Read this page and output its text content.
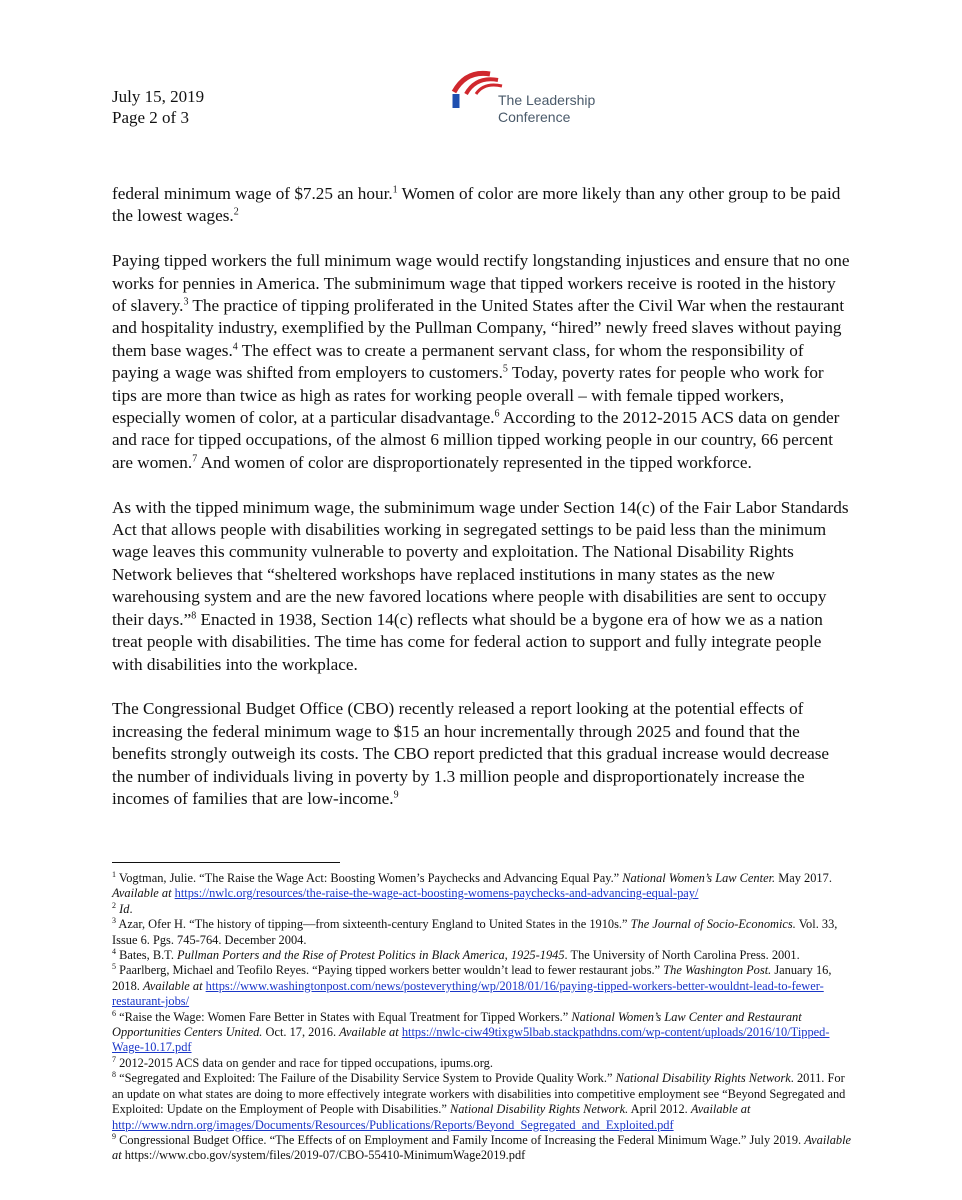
July 15, 2019
Page 2 of 3
The Leadership
Conference

federal minimum wage of $7.25 an hour.$^1$ Women of color are more likely than any other group to be paid the lowest wages.$^2$

Paying tipped workers the full minimum wage would rectify longstanding injustices and ensure that no one works for pennies in America. The subminimum wage that tipped workers receive is rooted in the history of slavery.$^3$ The practice of tipping proliferated in the United States after the Civil War when the restaurant and hospitality industry, exemplified by the Pullman Company, “hired” newly freed slaves without paying them base wages.$^4$ The effect was to create a permanent servant class, for whom the responsibility of paying a wage was shifted from employers to customers.$^5$ Today, poverty rates for people who work for tips are more than twice as high as rates for working people overall – with female tipped workers, especially women of color, at a particular disadvantage.$^6$ According to the 2012-2015 ACS data on gender and race for tipped occupations, of the almost 6 million tipped working people in our country, 66 percent are women.$^7$ And women of color are disproportionately represented in the tipped workforce.

As with the tipped minimum wage, the subminimum wage under Section 14(c) of the Fair Labor Standards Act that allows people with disabilities working in segregated settings to be paid less than the minimum wage leaves this community vulnerable to poverty and exploitation. The National Disability Rights Network believes that “sheltered workshops have replaced institutions in many states as the new warehousing system and are the new favored locations where people with disabilities are sent to occupy their days.”$^8$ Enacted in 1938, Section 14(c) reflects what should be a bygone era of how we as a nation treat people with disabilities. The time has come for federal action to support and fully integrate people with disabilities into the workplace.

The Congressional Budget Office (CBO) recently released a report looking at the potential effects of increasing the federal minimum wage to $15 an hour incrementally through 2025 and found that the benefits strongly outweigh its costs. The CBO report predicted that this gradual increase would decrease the number of individuals living in poverty by 1.3 million people and disproportionately increase the incomes of families that are low-income.$^9$

$^1$ Vogtman, Julie. “The Raise the Wage Act: Boosting Women’s Paychecks and Advancing Equal Pay.” National Women’s Law Center. May 2017. Available at https://nwlc.org/resources/the-raise-the-wage-act-boosting-womens-paychecks-and-advancing-equal-pay/

$^2$ Id.

$^3$ Azar, Ofer H. “The history of tipping—from sixteenth-century England to United States in the 1910s.” The Journal of Socio-Economics. Vol. 33, Issue 6. Pgs. 745-764. December 2004.

$^4$ Bates, B.T. Pullman Porters and the Rise of Protest Politics in Black America, 1925-1945. The University of North Carolina Press. 2001.

$^5$ Paarlberg, Michael and Teofilo Reyes. “Paying tipped workers better wouldn’t lead to fewer restaurant jobs.” The Washington Post. January 16, 2018. Available at https://www.washingtonpost.com/news/posteverything/wp/2018/01/16/paying-tipped-workers-better-wouldnt-lead-to-fewer-restaurant-jobs/

$^6$ “Raise the Wage: Women Fare Better in States with Equal Treatment for Tipped Workers.” National Women’s Law Center and Restaurant Opportunities Centers United. Oct. 17, 2016. Available at https://nwlc-ciw49tixgw5lbab.stackpathdns.com/wp-content/uploads/2016/10/Tipped-Wage-10.17.pdf

$^7$ 2012-2015 ACS data on gender and race for tipped occupations, ipums.org.

$^8$ “Segregated and Exploited: The Failure of the Disability Service System to Provide Quality Work.” National Disability Rights Network. 2011. For an update on what states are doing to more effectively integrate workers with disabilities into competitive employment see “Beyond Segregated and Exploited: Update on the Employment of People with Disabilities.” National Disability Rights Network. April 2012. Available at http://www.ndrn.org/images/Documents/Resources/Publications/Reports/Beyond_Segregated_and_Exploited.pdf

$^9$ Congressional Budget Office. “The Effects of on Employment and Family Income of Increasing the Federal Minimum Wage.” July 2019. Available at https://www.cbo.gov/system/files/2019-07/CBO-55410-MinimumWage2019.pdf
